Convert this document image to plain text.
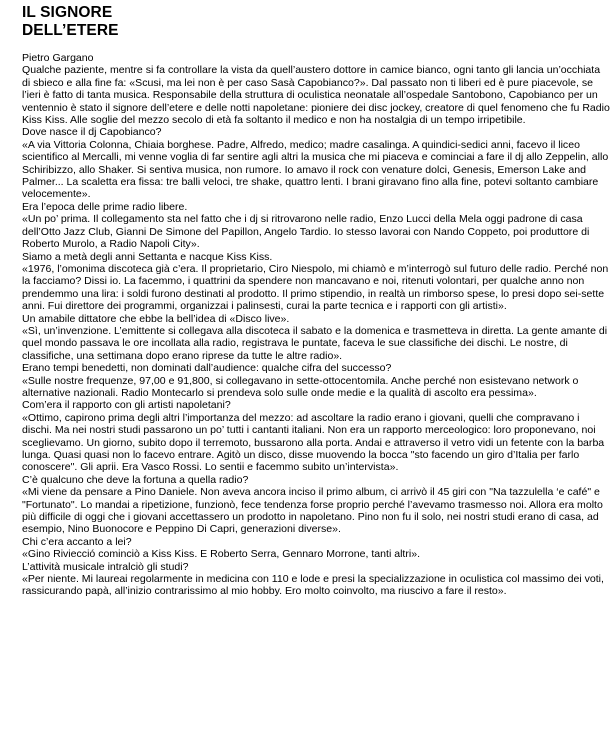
IL SIGNORE
DELL’ETERE

Pietro Gargano

Qualche paziente, mentre si fa controllare la vista da quell’austero dottore in camice bianco, ogni tanto gli lancia un’occhiata di sbieco e alla fine fa: «Scusi, ma lei non è per caso Sasà Capobianco?». Dal passato non ti liberi ed è pure piacevole, se l’ieri è fatto di tanta musica. Responsabile della struttura di oculistica neonatale all’ospedale Santobono, Capobianco per un ventennio è stato il signore dell’etere e delle notti napoletane: pioniere dei disc jockey, creatore di quel fenomeno che fu Radio Kiss Kiss. Alle soglie del mezzo secolo di età fa soltanto il medico e non ha nostalgia di un tempo irripetibile.

Dove nasce il dj Capobianco?

«A via Vittoria Colonna, Chiaia borghese. Padre, Alfredo, medico; madre casalinga. A quindici-sedici anni, facevo il liceo scientifico al Mercalli, mi venne voglia di far sentire agli altri la musica che mi piaceva e cominciai a fare il dj allo Zeppelin, allo Schiribizzo, allo Shaker. Si sentiva musica, non rumore. Io amavo il rock con venature dolci, Genesis, Emerson Lake and Palmer... La scaletta era fissa: tre balli veloci, tre shake, quattro lenti. I brani giravano fino alla fine, potevi soltanto cambiare velocemente».

Era l’epoca delle prime radio libere.

«Un po’ prima. Il collegamento sta nel fatto che i dj si ritrovarono nelle radio, Enzo Lucci della Mela oggi padrone di casa dell’Otto Jazz Club, Gianni De Simone del Papillon, Angelo Tardio. Io stesso lavorai con Nando Coppeto, poi produttore di Roberto Murolo, a Radio Napoli City».

Siamo a metà degli anni Settanta e nacque Kiss Kiss.

«1976, l’omonima discoteca già c’era. Il proprietario, Ciro Niespolo, mi chiamò e m’interrogò sul futuro delle radio. Perché non la facciamo? Dissi io. La facemmo, i quattrini da spendere non mancavano e noi, ritenuti volontari, per qualche anno non prendemmo una lira: i soldi furono destinati al prodotto. Il primo stipendio, in realtà un rimborso spese, lo presi dopo sei-sette anni. Fui direttore dei programmi, organizzai i palinsesti, curai la parte tecnica e i rapporti con gli artisti».

Un amabile dittatore che ebbe la bell’idea di «Disco live».

«Sì, un’invenzione. L’emittente si collegava alla discoteca il sabato e la domenica e trasmetteva in diretta. La gente amante di quel mondo passava le ore incollata alla radio, registrava le puntate, faceva le sue classifiche dei dischi. Le nostre, di classifiche, una settimana dopo erano riprese da tutte le altre radio».

Erano tempi benedetti, non dominati dall’audience: qualche cifra del successo?

«Sulle nostre frequenze, 97,00 e 91,800, si collegavano in sette-ottocentomila. Anche perché non esistevano network o alternative nazionali. Radio Montecarlo si prendeva solo sulle onde medie e la qualità di ascolto era pessima».

Com’era il rapporto con gli artisti napoletani?

«Ottimo, capirono prima degli altri l’importanza del mezzo: ad ascoltare la radio erano i giovani, quelli che compravano i dischi. Ma nei nostri studi passarono un po’ tutti i cantanti italiani. Non era un rapporto merceologico: loro proponevano, noi sceglievamo. Un giorno, subito dopo il terremoto, bussarono alla porta. Andai e attraverso il vetro vidi un fetente con la barba lunga. Quasi quasi non lo facevo entrare. Agitò un disco, disse muovendo la bocca "sto facendo un giro d’Italia per farlo conoscere". Gli aprii. Era Vasco Rossi. Lo sentii e facemmo subito un’intervista».

C’è qualcuno che deve la fortuna a quella radio?

«Mi viene da pensare a Pino Daniele. Non aveva ancora inciso il primo album, ci arrivò il 45 giri con "Na tazzulella ‘e café" e "Fortunato". Lo mandai a ripetizione, funzionò, fece tendenza forse proprio perché l’avevamo trasmesso noi. Allora era molto più difficile di oggi che i giovani accettassero un prodotto in napoletano. Pino non fu il solo, nei nostri studi erano di casa, ad esempio, Nino Buonocore e Peppino Di Capri, generazioni diverse».

Chi c’era accanto a lei?

«Gino Riviecció cominciò a Kiss Kiss. E Roberto Serra, Gennaro Morrone, tanti altri».

L’attività musicale intralciò gli studi?

«Per niente. Mi laureai regolarmente in medicina con 110 e lode e presi la specializzazione in oculistica col massimo dei voti, rassicurando papà, all’inizio contrarissimo al mio hobby. Ero molto coinvolto, ma riuscivo a fare il resto».
